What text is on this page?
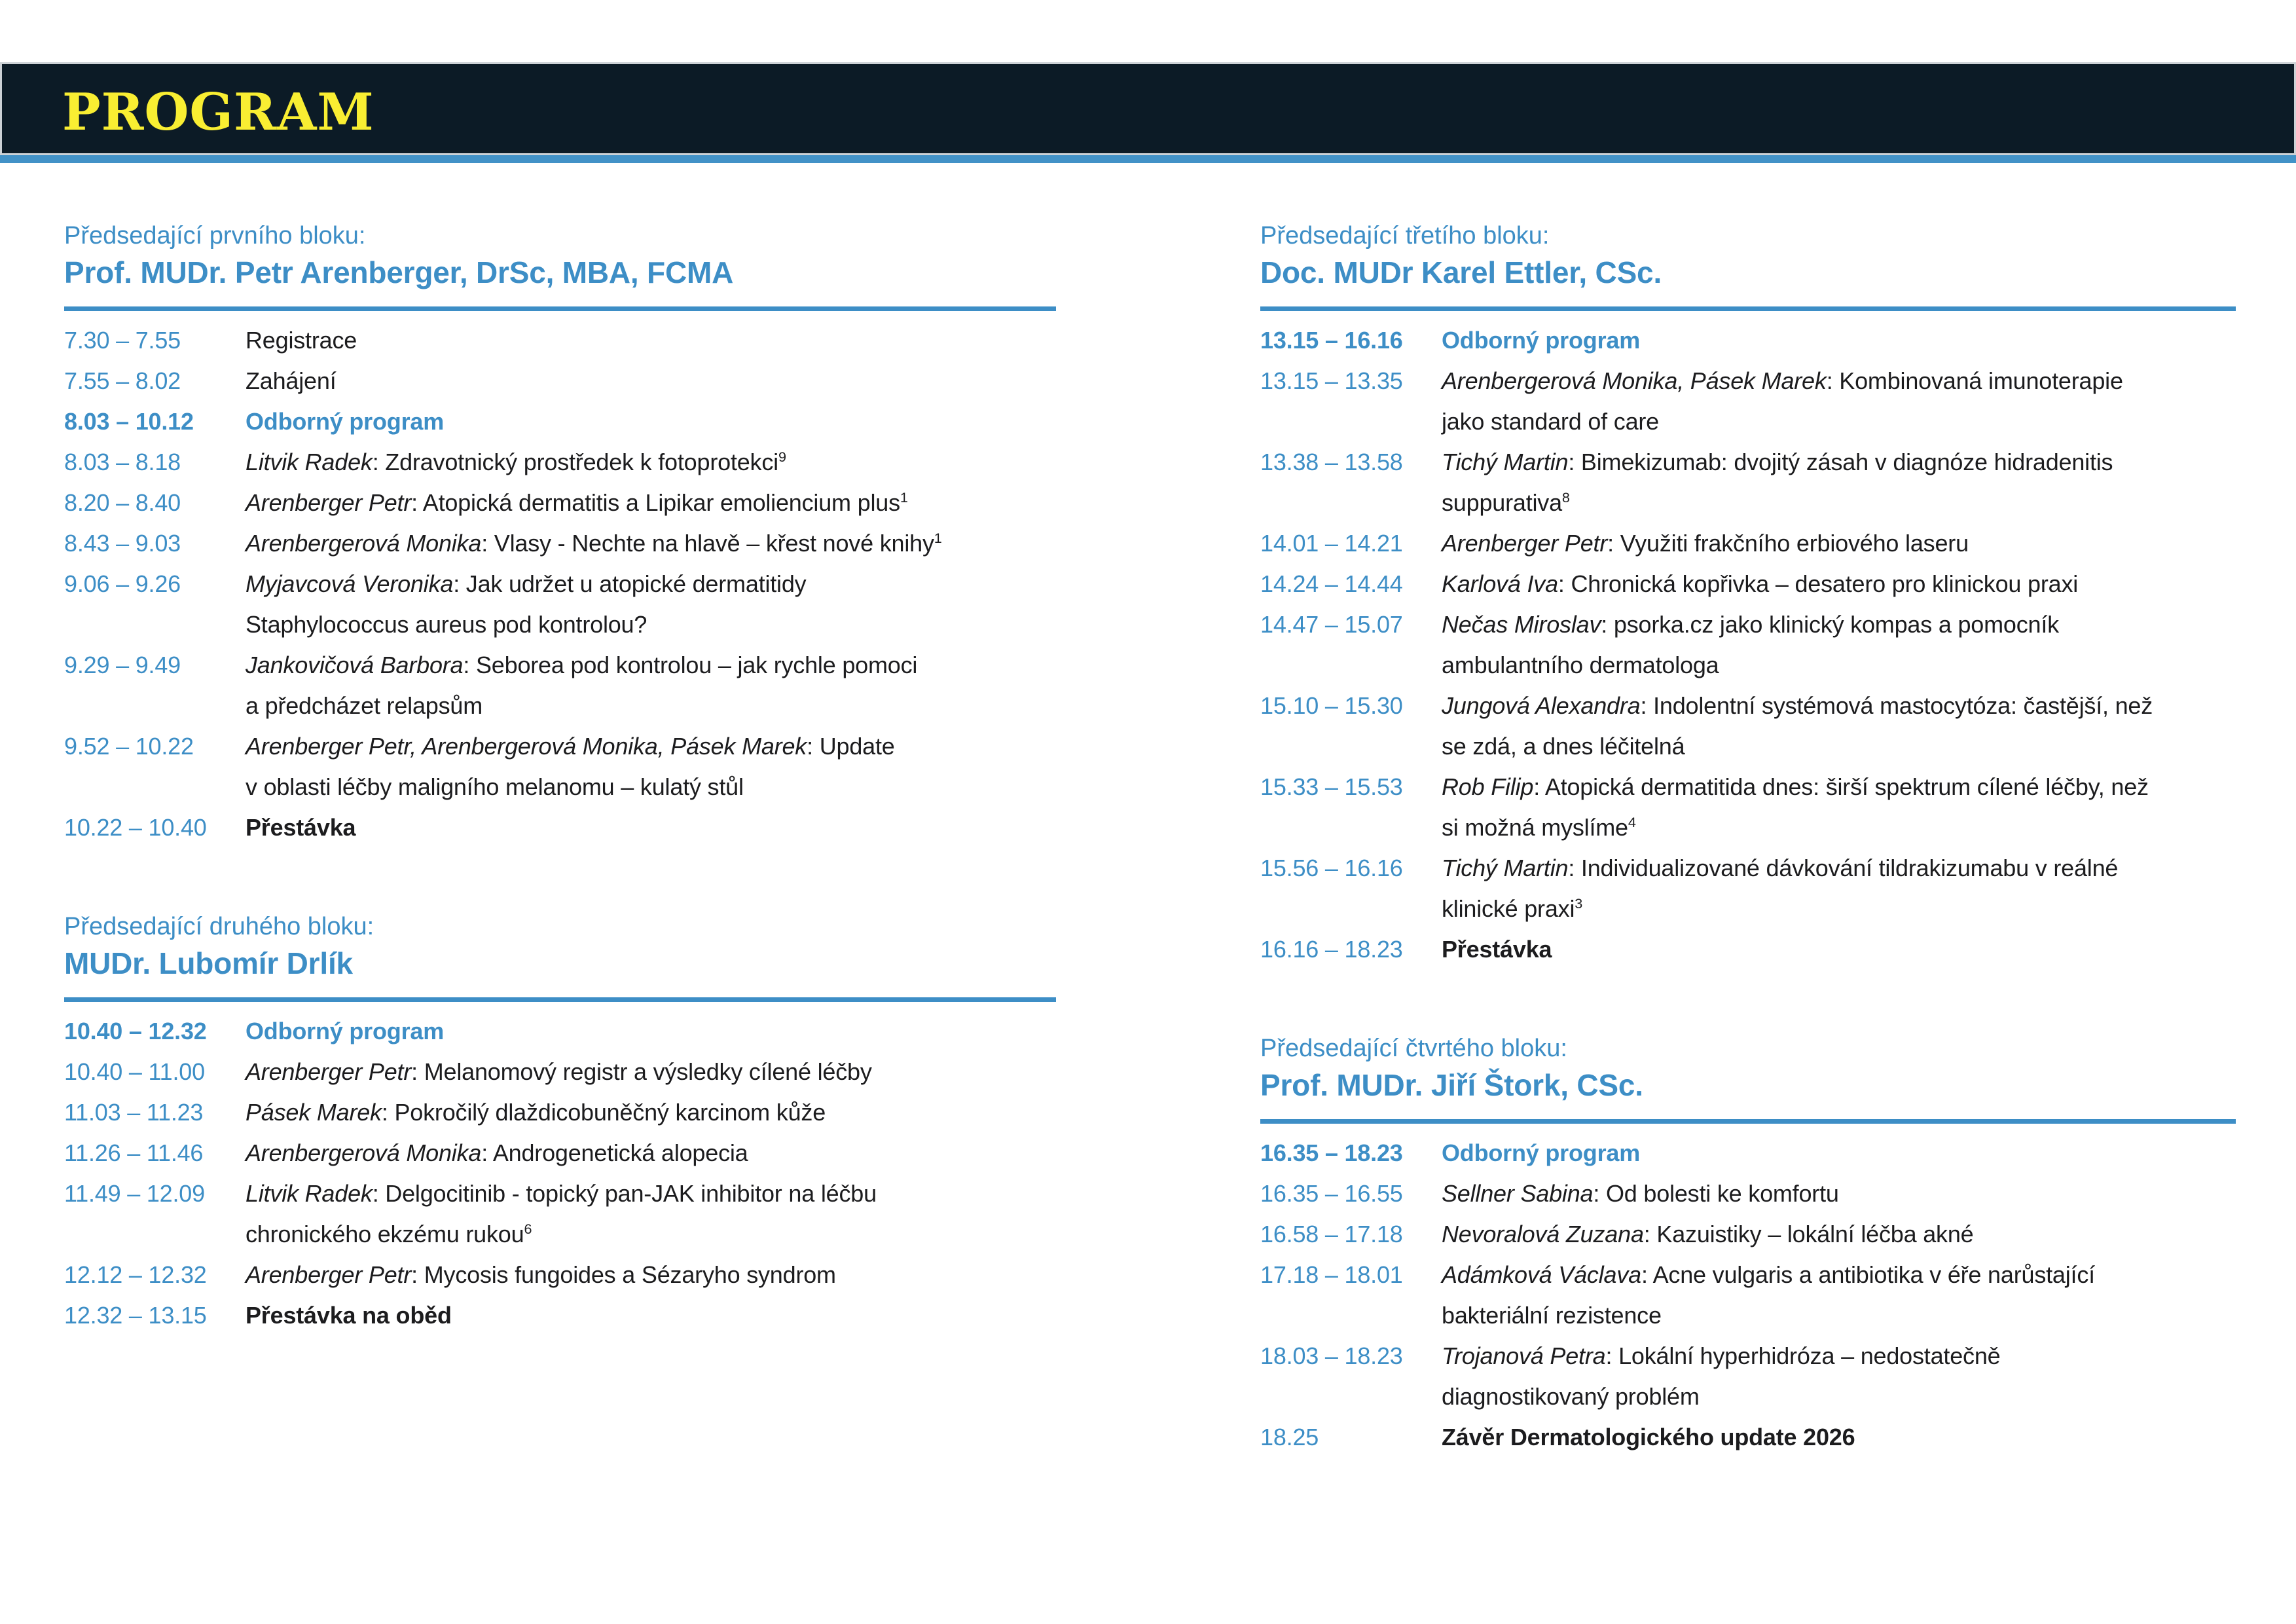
PROGRAM
Předsedající prvního bloku:
Prof. MUDr. Petr Arenberger, DrSc, MBA, FCMA
7.30 – 7.55	Registrace
7.55 – 8.02	Zahájení
8.03 – 10.12	Odborný program
8.03 – 8.18	Litvik Radek: Zdravotnický prostředek k fotoprotekci$^9$
8.20 – 8.40	Arenberger Petr: Atopická dermatitis a Lipikar emoliencium plus$^1$
8.43 – 9.03	Arenbergerová Monika: Vlasy - Nechte na hlavě – křest nové knihy$^1$
9.06 – 9.26	Myjavcová Veronika: Jak udržet u atopické dermatitidy
Staphylococcus aureus pod kontrolou?
9.29 – 9.49	Jankovičová Barbora: Seborea pod kontrolou – jak rychle pomoci
a předcházet relapsům
9.52 – 10.22	Arenberger Petr, Arenbergerová Monika, Pásek Marek: Update
v oblasti léčby maligního melanomu – kulatý stůl
10.22 – 10.40	Přestávka
Předsedající druhého bloku:
MUDr. Lubomír Drlík
10.40 – 12.32	Odborný program
10.40 – 11.00	Arenberger Petr: Melanomový registr a výsledky cílené léčby
11.03 – 11.23	Pásek Marek: Pokročilý dlaždicobuněčný karcinom kůže
11.26 – 11.46	Arenbergerová Monika: Androgenetická alopecia
11.49 – 12.09	Litvik Radek: Delgocitinib - topický pan-JAK inhibitor na léčbu
chronického ekzému rukou$^6$
12.12 – 12.32	Arenberger Petr: Mycosis fungoides a Sézaryho syndrom
12.32 – 13.15	Přestávka na oběd
Předsedající třetího bloku:
Doc. MUDr Karel Ettler, CSc.
13.15 – 16.16	Odborný program
13.15 – 13.35	Arenbergerová Monika, Pásek Marek: Kombinovaná imunoterapie
jako standard of care
13.38 – 13.58	Tichý Martin: Bimekizumab: dvojitý zásah v diagnóze hidradenitis
suppurativa$^8$
14.01 – 14.21	Arenberger Petr: Využiti frakčního erbiového laseru
14.24 – 14.44	Karlová Iva: Chronická kopřivka – desatero pro klinickou praxi
14.47 – 15.07	Nečas Miroslav: psorka.cz jako klinický kompas a pomocník
ambulantního dermatologa
15.10 – 15.30	Jungová Alexandra: Indolentní systémová mastocytóza: častější, než
se zdá, a dnes léčitelná
15.33 – 15.53	Rob Filip: Atopická dermatitida dnes: širší spektrum cílené léčby, než
si možná myslíme$^4$
15.56 – 16.16	Tichý Martin: Individualizované dávkování tildrakizumabu v reálné
klinické praxi$^3$
16.16 – 18.23	Přestávka
Předsedající čtvrtého bloku:
Prof. MUDr. Jiří Štork, CSc.
16.35 – 18.23	Odborný program
16.35 – 16.55	Sellner Sabina: Od bolesti ke komfortu
16.58 – 17.18	Nevoralová Zuzana: Kazuistiky – lokální léčba akné
17.18 – 18.01	Adámková Václava: Acne vulgaris a antibiotika v éře narůstající
bakteriální rezistence
18.03 – 18.23	Trojanová Petra: Lokální hyperhidróza – nedostatečně
diagnostikovaný problém
18.25	Závěr Dermatologického update 2026
